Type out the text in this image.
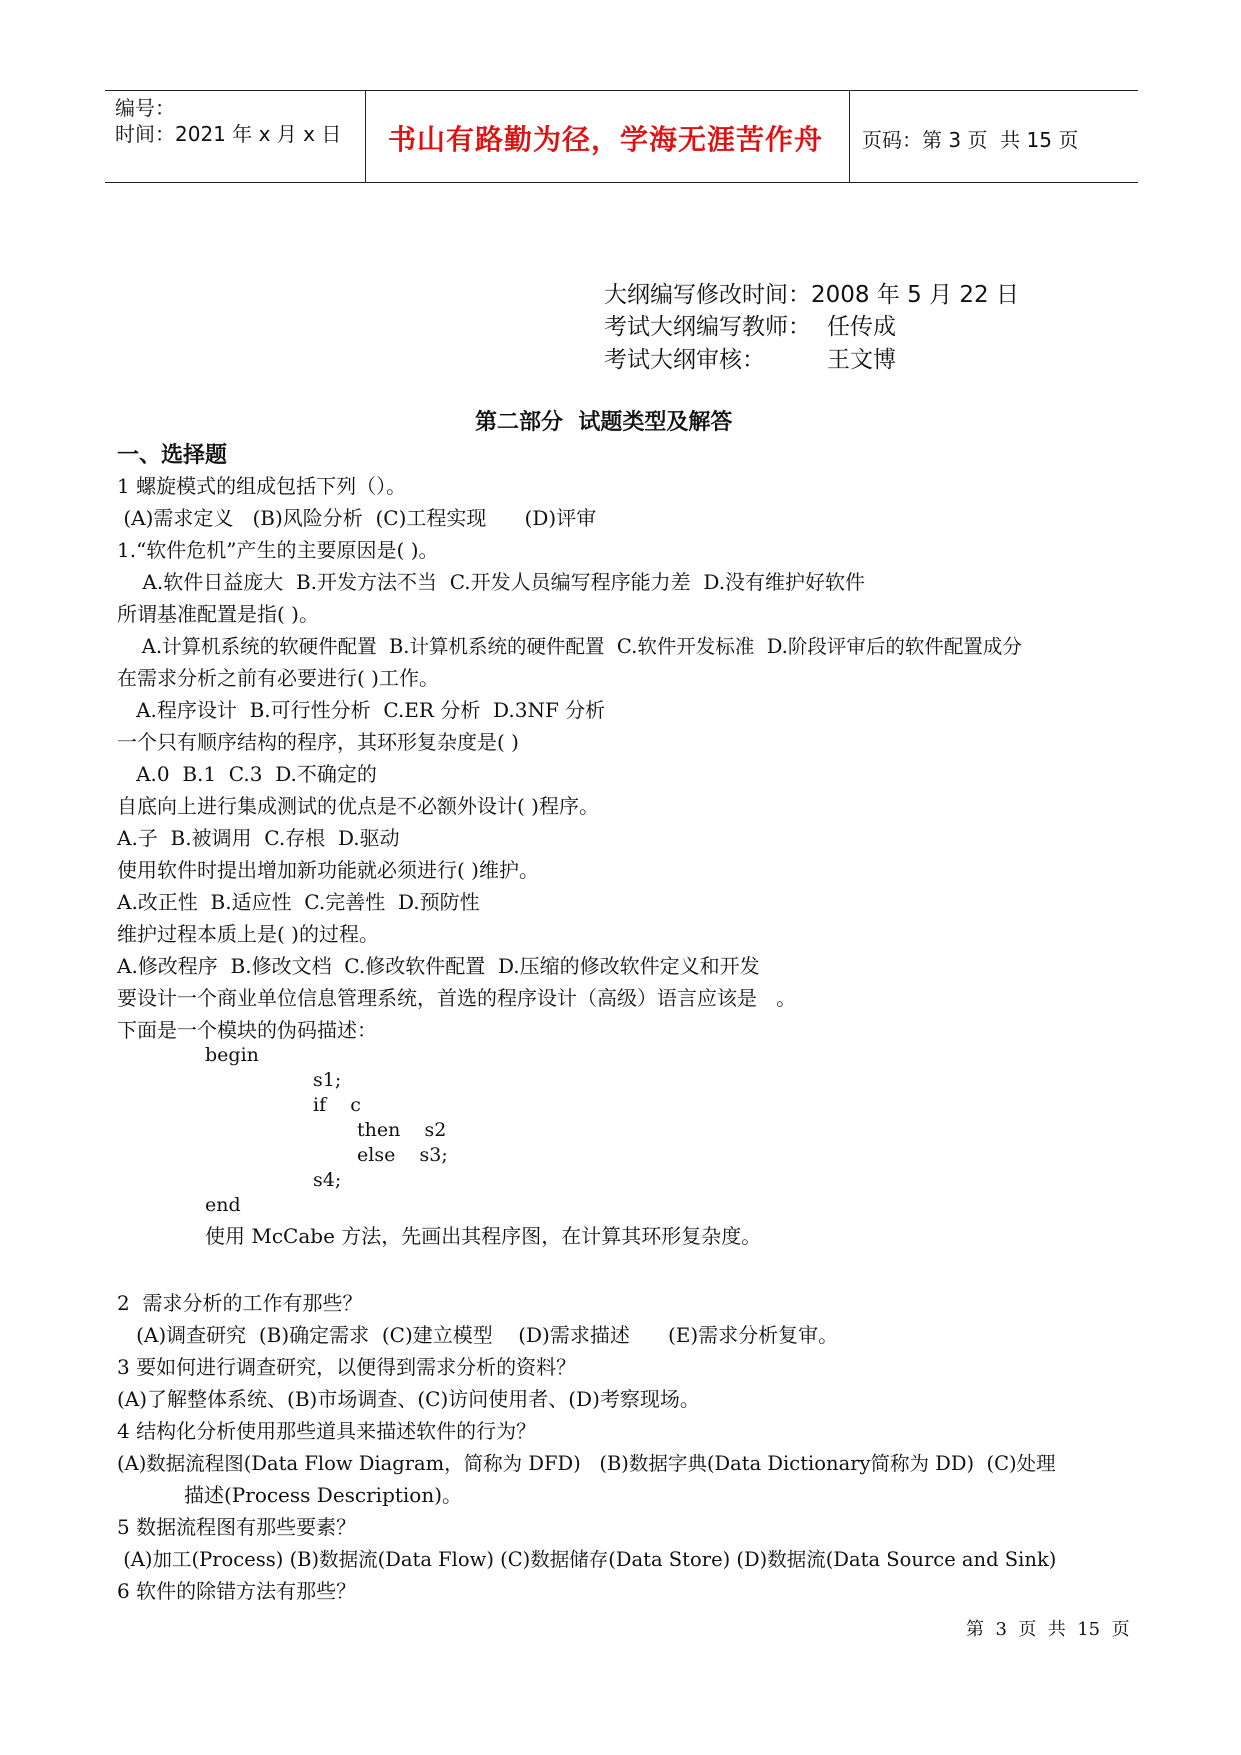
编号：
时间：2021 年 x 月 x 日 书山有路勤为径，学海无涯苦作舟 页码：第 3 页  共 15 页
大纲编写修改时间：2008 年 5 月 22 日
考试大纲编写教师： 任传成
考试大纲审核：	王文博
第二部分  试题类型及解答
一、选择题
1 螺旋模式的组成包括下列（）。
(A)需求定义   (B)风险分析  (C)工程实现      (D)评审
1.“软件危机”产生的主要原因是( )。
A.软件日益庞大  B.开发方法不当  C.开发人员编写程序能力差  D.没有维护好软件
所谓基准配置是指( )。
A.计算机系统的软硬件配置  B.计算机系统的硬件配置  C.软件开发标准  D.阶段评审后的软件配置成分
在需求分析之前有必要进行( )工作。
A.程序设计  B.可行性分析  C.ER 分析  D.3NF 分析
一个只有顺序结构的程序，其环形复杂度是( )
A.0  B.1  C.3  D.不确定的
自底向上进行集成测试的优点是不必额外设计( )程序。
A.子  B.被调用  C.存根  D.驱动
使用软件时提出增加新功能就必须进行( )维护。
A.改正性  B.适应性  C.完善性  D.预防性
维护过程本质上是( )的过程。
A.修改程序  B.修改文档  C.修改软件配置  D.压缩的修改软件定义和开发
要设计一个商业单位信息管理系统，首选的程序设计（高级）语言应该是   。
下面是一个模块的伪码描述：
begin
s1;
if    c
then    s2
else    s3;
s4;
end
使用 McCabe 方法，先画出其程序图，在计算其环形复杂度。
2  需求分析的工作有那些？
(A)调查研究  (B)确定需求  (C)建立模型    (D)需求描述      (E)需求分析复审。
3 要如何进行调查研究，以便得到需求分析的资料？
(A)了解整体系统、(B)市场调查、(C)访问使用者、(D)考察现场。
4 结构化分析使用那些道具来描述软件的行为？
(A)数据流程图(Data Flow Diagram，简称为 DFD)   (B)数据字典(Data Dictionary简称为 DD)  (C)处理
描述(Process Description)。
5 数据流程图有那些要素？
(A)加工(Process) (B)数据流(Data Flow) (C)数据储存(Data Store) (D)数据流(Data Source and Sink)
6 软件的除错方法有那些？
第  3  页  共  15  页
